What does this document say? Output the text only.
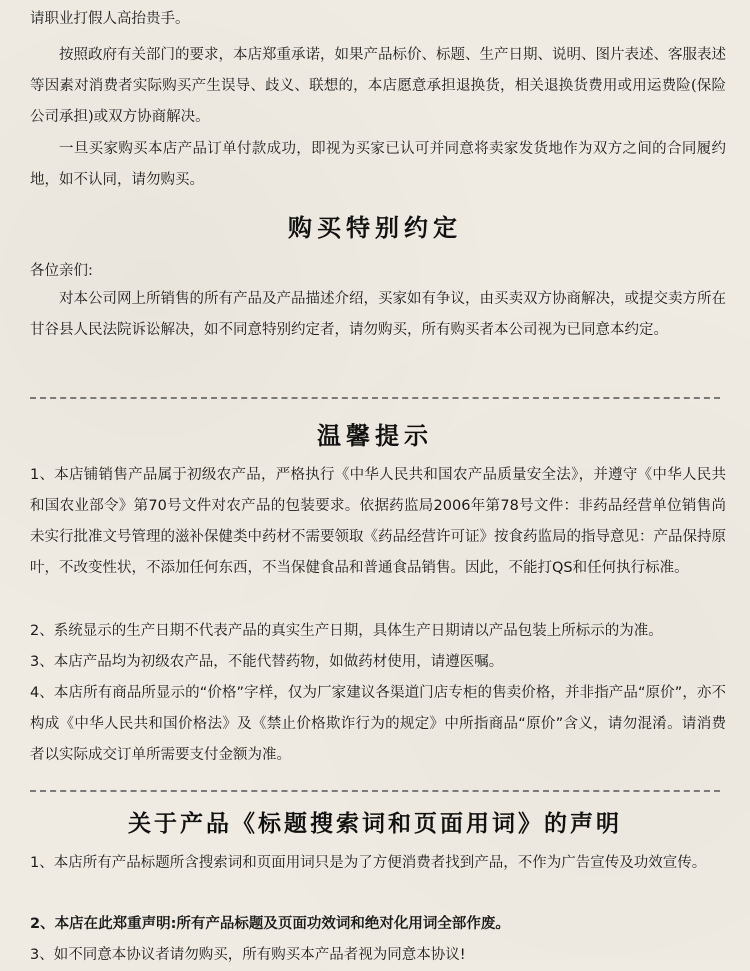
请职业打假人高抬贵手。

按照政府有关部门的要求，本店郑重承诺，如果产品标价、标题、生产日期、说明、图片表述、客服表述等因素对消费者实际购买产生误导、歧义、联想的，本店愿意承担退换货，相关退换货费用或用运费险(保险公司承担)或双方协商解决。

一旦买家购买本店产品订单付款成功，即视为买家已认可并同意将卖家发货地作为双方之间的合同履约地，如不认同，请勿购买。

购买特别约定

各位亲们:

对本公司网上所销售的所有产品及产品描述介绍，买家如有争议，由买卖双方协商解决，或提交卖方所在甘谷县人民法院诉讼解决，如不同意特别约定者，请勿购买，所有购买者本公司视为已同意本约定。

温馨提示

1、本店铺销售产品属于初级农产品，严格执行《中华人民共和国农产品质量安全法》，并遵守《中华人民共和国农业部令》第70号文件对农产品的包装要求。依据药监局2006年第78号文件：非药品经营单位销售尚未实行批准文号管理的滋补保健类中药材不需要领取《药品经营许可证》按食药监局的指导意见：产品保持原叶，不改变性状，不添加任何东西，不当保健食品和普通食品销售。因此，不能打QS和任何执行标准。

2、系统显示的生产日期不代表产品的真实生产日期，具体生产日期请以产品包装上所标示的为准。

3、本店产品均为初级农产品，不能代替药物，如做药材使用，请遵医嘱。

4、本店所有商品所显示的“价格”字样，仅为厂家建议各渠道门店专柜的售卖价格，并非指产品“原价”，亦不构成《中华人民共和国价格法》及《禁止价格欺诈行为的规定》中所指商品“原价”含义，请勿混淆。请消费者以实际成交订单所需要支付金额为准。

关于产品《标题搜索词和页面用词》的声明

1、本店所有产品标题所含搜索词和页面用词只是为了方便消费者找到产品，不作为广告宣传及功效宣传。

2、本店在此郑重声明:所有产品标题及页面功效词和绝对化用词全部作废。

3、如不同意本协议者请勿购买，所有购买本产品者视为同意本协议!
